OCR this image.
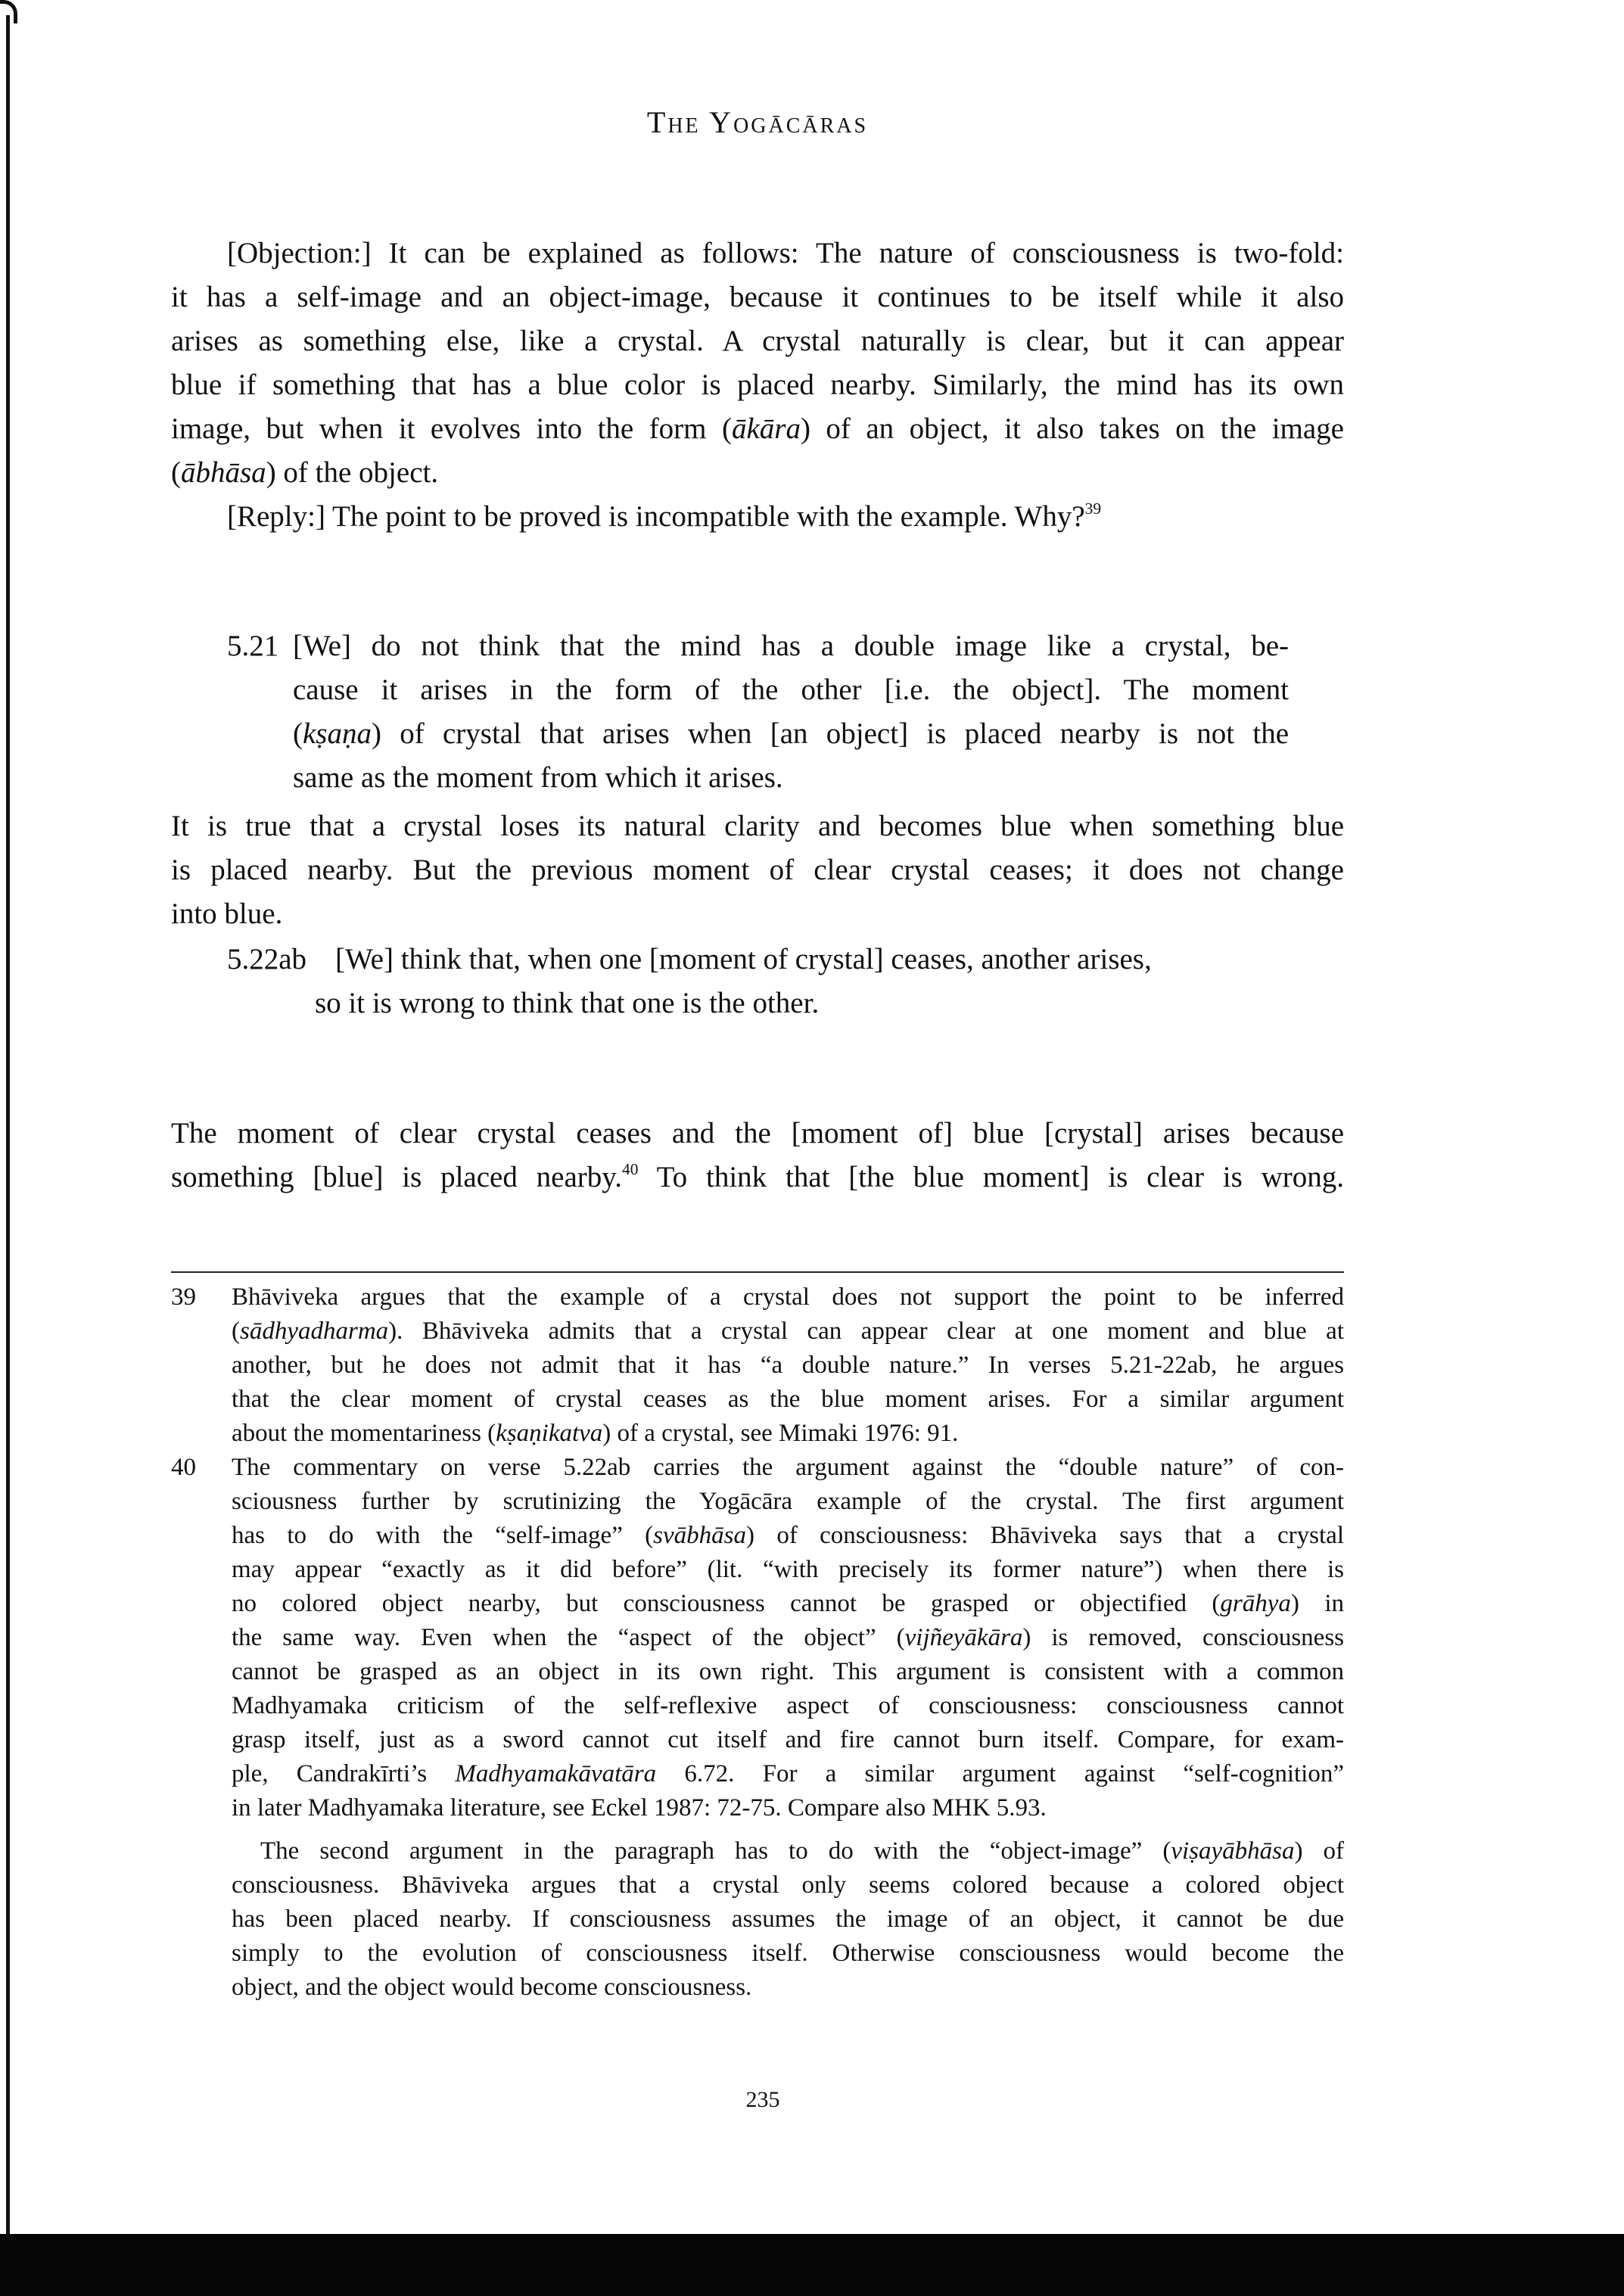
The Yogācāras
[Objection:] It can be explained as follows: The nature of consciousness is two-fold:
it has a self-image and an object-image, because it continues to be itself while it also
arises as something else, like a crystal. A crystal naturally is clear, but it can appear
blue if something that has a blue color is placed nearby. Similarly, the mind has its own
image, but when it evolves into the form (ākāra) of an object, it also takes on the image
(ābhāsa) of the object.
[Reply:] The point to be proved is incompatible with the example. Why?$^{39}$
5.21 [We] do not think that the mind has a double image like a crystal, be-
cause it arises in the form of the other [i.e. the object]. The moment
(kṣaṇa) of crystal that arises when [an object] is placed nearby is not the
same as the moment from which it arises.
It is true that a crystal loses its natural clarity and becomes blue when something blue
is placed nearby. But the previous moment of clear crystal ceases; it does not change
into blue.
5.22ab [We] think that, when one [moment of crystal] ceases, another arises,
so it is wrong to think that one is the other.
The moment of clear crystal ceases and the [moment of] blue [crystal] arises because
something [blue] is placed nearby.$^{40}$ To think that [the blue moment] is clear is wrong.
39 Bhāviveka argues that the example of a crystal does not support the point to be inferred
(sādhyadharma). Bhāviveka admits that a crystal can appear clear at one moment and blue at
another, but he does not admit that it has “a double nature.” In verses 5.21-22ab, he argues
that the clear moment of crystal ceases as the blue moment arises. For a similar argument
about the momentariness (kṣaṇikatva) of a crystal, see Mimaki 1976: 91.
40 The commentary on verse 5.22ab carries the argument against the “double nature” of con-
sciousness further by scrutinizing the Yogācāra example of the crystal. The first argument
has to do with the “self-image” (svābhāsa) of consciousness: Bhāviveka says that a crystal
may appear “exactly as it did before” (lit. “with precisely its former nature”) when there is
no colored object nearby, but consciousness cannot be grasped or objectified (grāhya) in
the same way. Even when the “aspect of the object” (vijñeyākāra) is removed, consciousness
cannot be grasped as an object in its own right. This argument is consistent with a common
Madhyamaka criticism of the self-reflexive aspect of consciousness: consciousness cannot
grasp itself, just as a sword cannot cut itself and fire cannot burn itself. Compare, for exam-
ple, Candrakīrti’s Madhyamakāvatāra 6.72. For a similar argument against “self-cognition”
in later Madhyamaka literature, see Eckel 1987: 72-75. Compare also MHK 5.93.
The second argument in the paragraph has to do with the “object-image” (viṣayābhāsa) of
consciousness. Bhāviveka argues that a crystal only seems colored because a colored object
has been placed nearby. If consciousness assumes the image of an object, it cannot be due
simply to the evolution of consciousness itself. Otherwise consciousness would become the
object, and the object would become consciousness.
235
